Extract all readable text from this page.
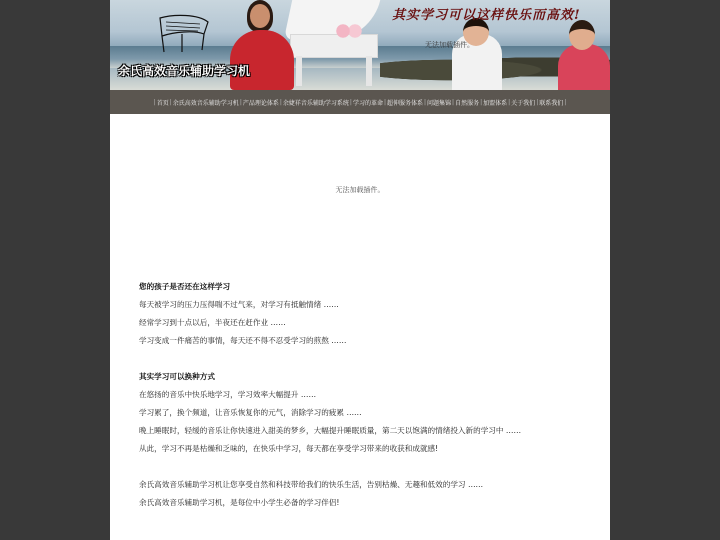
其实学习可以这样快乐而高效!
无法加载插件。
余氏高效音乐辅助学习机
| 首页 | 余氏高效音乐辅助学习机 | 产品理论体系 | 余婕祥音乐辅助学习系统 | 学习的革命 | 超伸服务体系 | 问题集锦 | 自然服务 | 加盟体系 | 关于我们 | 联系我们 |
无法加载插件。
您的孩子是否还在这样学习
每天被学习的压力压得喘不过气来，对学习有抵触情绪 ……
经常学习到十点以后，半夜还在赶作业 ……
学习变成一件痛苦的事情，每天还不得不忍受学习的煎熬 ……
其实学习可以换种方式
在悠扬的音乐中快乐地学习，学习效率大幅提升 ……
学习累了，换个频道，让音乐恢复你的元气，消除学习的疲累 ……
晚上睡眠时，轻缓的音乐让你快速进入甜美的梦乡，大幅提升睡眠质量，第二天以饱满的情绪投入新的学习中 ……
从此，学习不再是枯燥和乏味的，在快乐中学习，每天都在享受学习带来的收获和成就感!
余氏高效音乐辅助学习机让您享受自然和科技带给我们的快乐生活，告别枯燥、无趣和低效的学习 ……
余氏高效音乐辅助学习机，是每位中小学生必备的学习伴侣!
